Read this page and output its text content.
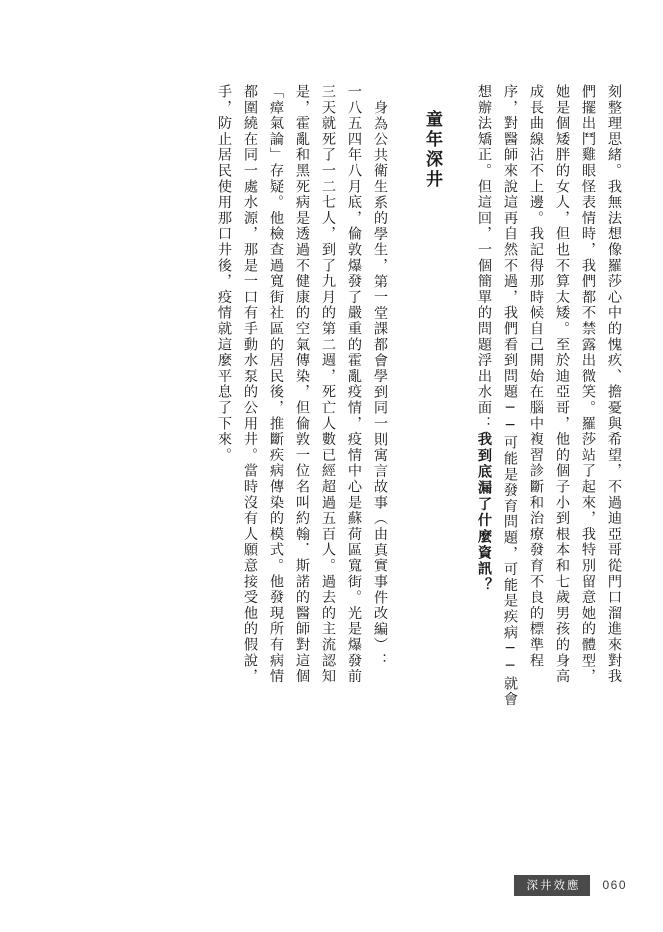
刻整理思緒。我無法想像羅莎心中的愧疚、擔憂與希望，不過迪亞哥從門口溜進來對我
們擺出鬥雞眼怪表情時，我們都不禁露出微笑。羅莎站了起來，我特別留意她的體型，
她是個矮胖的女人，但也不算太矮。至於迪亞哥，他的個子小到根本和七歲男孩的身高
成長曲線沾不上邊。我記得那時候自己開始在腦中複習診斷和治療發育不良的標準程
序，對醫師來說這再自然不過，我們看到問題──可能是發育問題，可能是疾病──就會
想辦法矯正。但這回，一個簡單的問題浮出水面：我到底漏了什麼資訊？
童年深井
身為公共衛生系的學生，第一堂課都會學到同一則寓言故事（由真實事件改編）：
一八五四年八月底，倫敦爆發了嚴重的霍亂疫情，疫情中心是蘇荷區寬街。光是爆發前
三天就死了一二七人，到了九月的第二週，死亡人數已經超過五百人。過去的主流認知
是，霍亂和黑死病是透過不健康的空氣傳染，但倫敦一位名叫約翰．斯諾的醫師對這個
「瘴氣論」存疑。他檢查過寬街社區的居民後，推斷疾病傳染的模式。他發現所有病情
都圍繞在同一處水源，那是一口有手動水泵的公用井。當時沒有人願意接受他的假說，
手，防止居民使用那口井後，疫情就這麼平息了下來。
深井效應	060
